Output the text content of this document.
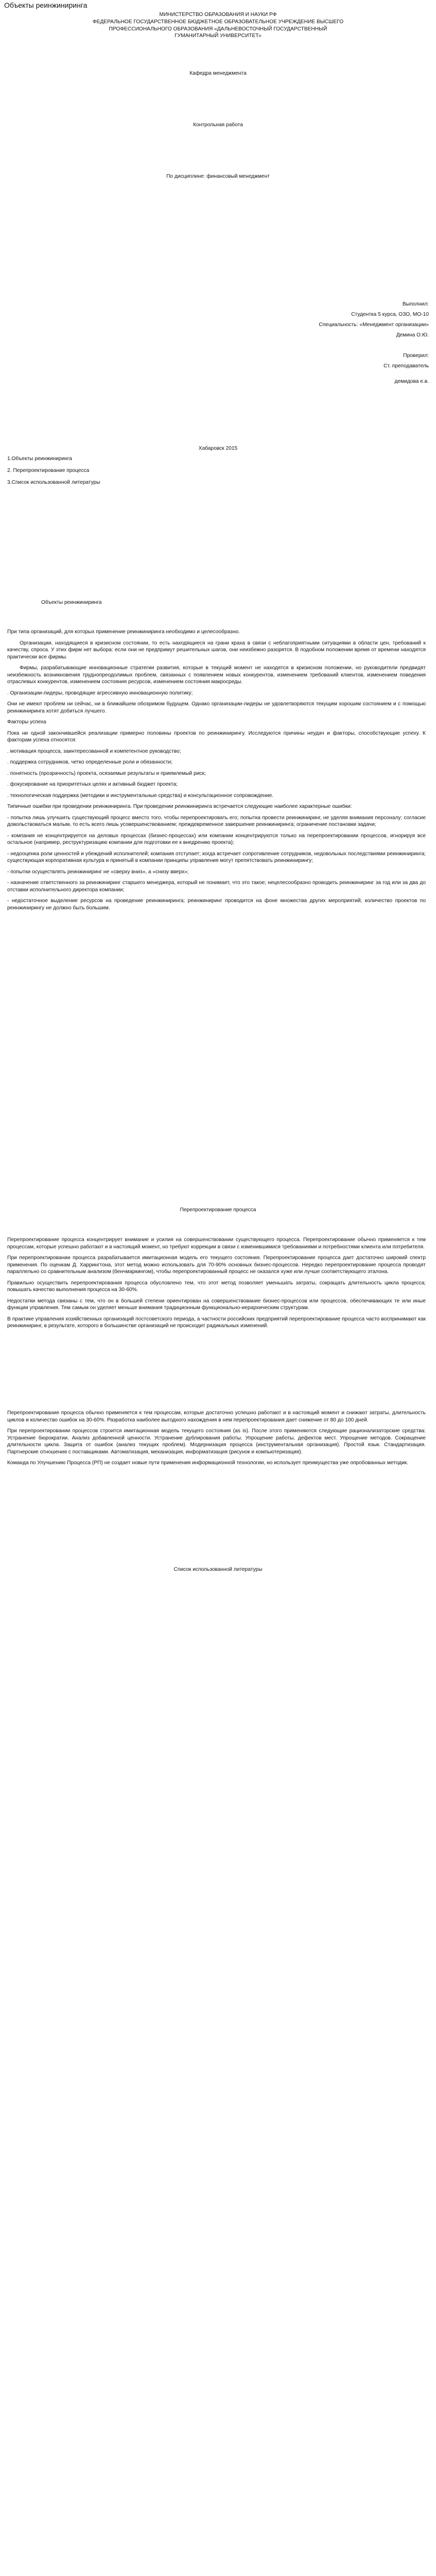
Объекты реинжиниринга
МИНИСТЕРСТВО ОБРАЗОВАНИЯ И НАУКИ РФ
ФЕДЕРАЛЬНОЕ ГОСУДАРСТВЕННОЕ БЮДЖЕТНОЕ ОБРАЗОВАТЕЛЬНОЕ УЧРЕЖДЕНИЕ ВЫСШЕГО ПРОФЕССИОНАЛЬНОГО ОБРАЗОВАНИЯ «ДАЛЬНЕВОСТОЧНЫЙ ГОСУДАРСТВЕННЫЙ ГУМАНИТАРНЫЙ УНИВЕРСИТЕТ»
Кафедра менеджмента
Контрольная работа
По дисциплине: финансовый менеджмент
Выполнил:
Студентка 5 курса, ОЗО, МО-10
Специальность: «Менеджмент организации»
Демина О.Ю.
Проверил:
Ст. преподаватель
демидова е.в.
Хабаровск 2015
1.Объекты реинжиниринга
2. Перепроектирование процесса
3.Список использованной литературы
Объекты реинжиниринга

При типа организаций, для которых применение реинжиниринга необходимо и целесообразно.

Организации, находящиеся в кризисном состоянии, то есть находящиеся на грани краха в связи с неблагоприятными ситуациями в области цен, требований к качеству, спроса. У этих фирм нет выбора: если они не предпримут решительных шагов, они неизбежно разорятся. В подобном положении время от времени находятся практически все фирмы.

Фирмы, разрабатывающие инновационные стратегии развития, которые в текущий момент не находятся в кризисном положении, но руководители предвидят неизбежность возникновения труднопреодолимых проблем, связанных с появлением новых конкурентов, изменением требований клиентов, изменением поведения отраслевых конкурентов, изменением состояния ресурсов, изменением состояния макросреды.

. Организации-лидеры, проводящие агрессивную инновационную политику;

Они не имеют проблем ни сейчас, ни в ближайшем обозримом будущем. Однако организации-лидеры не удовлетворяются текущим хорошим состоянием и с помощью реинжиниринга хотят добиться лучшего.

Факторы успеха

Пока ни одной закончившейся реализации примерно половины проектов по реинжинирингу. Исследуются причины неудач и факторы, способствующие успеху. К факторам успеха относятся:

. мотивация процесса, заинтересованной и компетентное руководство;

. поддержка сотрудников, четко определенные роли и обязанности;

. понятность (прозрачность) проекта, осязаемые результаты и приемлемый риск;

. фокусирование на приоритетных целях и активный бюджет проекта;

. технологическая поддержка (методики и инструментальные средства) и консультационное сопровождение.

Типичные ошибки при проведении реинжиниринга. При проведении реинжиниринга встречается следующие наиболее характерные ошибки:

- попытка лишь улучшить существующий процесс вместо того, чтобы перепроектировать его; попытка провести реинжиниринг, не уделяя внимания персоналу; согласие довольствоваться малым, то есть всего лишь усовершенствованием; преждевременное завершение реинжиниринга; ограничение постановки задачи;

- компания не концентрируется на деловых процессах (бизнес-процессах) или компании концентрируются только на перепроектировании процессов, игнорируя все остальное (например, реструктуризацию компании для подготовки ее к внедрению проекта);

- недооценка роли ценностей и убеждений исполнителей; компания отступает; когда встречает сопротивление сотрудников, недовольных последствиями реинжиниринга; существующая корпоративная культура и принятый в компании принципы управления могут препятствовать реинжинирингу;

- попытки осуществлять реинжиниринг не «сверху вниз», а «снизу вверх»;

- назначение ответственного за реинжиниринг старшего менеджера, который не понимает, что это такое; нецелесообразно проводить реинжиниринг за год или за два до отставки исполнительного директора компании;

- недостаточное выделение ресурсов на проведение реинжиниринга; реинжиниринг проводится на фоне множества других мероприятий; количество проектов по реинжинирингу не должно быть большим.

Перепроектирование процесса

Перепроектирование процесса концентрирует внимание и усилия на совершенствовании существующего процесса. Перепроектирование обычно применяется к тем процессам, которые успешно работают и в настоящий момент, но требуют коррекции в связи с изменившимися требованиями и потребностями клиента или потребителя.

При перепроектировании процесса разрабатывается имитационная модель его текущего состояния. Перепроектирование процесса дает достаточно широкий спектр применения. По оценкам Д. Харрингтона, этот метод можно использовать для 70-90% основных бизнес-процессов. Нередко перепроектирование процесса проводят параллельно со сравнительным анализом (бенчмаркингом), чтобы перепроектированный процесс не оказался хуже или лучше соответствующего эталона.

Правильно осуществить перепроектирования процесса обусловлено тем, что этот метод позволяет уменьшать затраты, сокращать длительность цикла процесса; повышать качество выполнения процесса на 30-60%.

Недостатки метода связаны с тем, что он в большей степени ориентирован на совершенствование бизнес-процессов или процессов, обеспечивающих те или иные функции управления. Тем самым он уделяет меньше внимания традиционным функционально-иерархическим структурам.

В практике управления хозяйственных организаций постсоветского периода, а частности российских предприятий перепроектирование процесса часто воспринимают как реинжиниринг, в результате, которого в большинстве организаций не происходит радикальных изменений.

Перепроектирование процесса обычно применяется к тем процессам, которые достаточно успешно работают и в настоящий момент и снижают затраты, длительность циклов и количество ошибок на 30-60%. Разработка наиболее выгодного нахождения в нем перепроектирования дает снижение от 80 до 100 дней.

При перепроектировании процессов строится имитационная модель текущего состояния (as is). После этого применяются следующие рационализаторские средства: Устранение бюрократии. Анализ добавленной ценности. Устранение дублирования работы. Упрощение работы, дефектов мест. Упрощение методов. Сокращение длительности цикла. Защита от ошибок (анализ текущих проблем). Модернизация процесса (инструментальная организация). Простой язык. Стандартизация. Партнерские отношения с поставщиками. Автоматизация, механизация, информатизация (рисунок и компьютеризация).

Команда по Улучшению Процесса (РП) не создает новые пути применения информационной технологии, но использует преимущества уже опробованных методик.

Список использованной литературы
